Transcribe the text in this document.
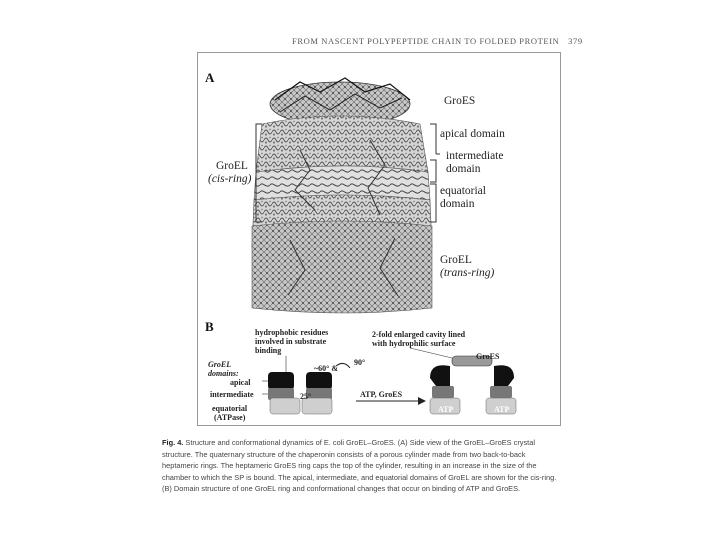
FROM NASCENT POLYPEPTIDE CHAIN TO FOLDED PROTEIN 379
A
GroES
apical domain
intermediate
domain
equatorial
domain
GroEL
(cis-ring)
GroEL
(trans-ring)
B	hydrophobic residues
involved in substrate
binding
2-fold enlarged cavity lined
with hydrophilic surface
GroES
GroEL
domains:
apical
intermediate
equatorial
(ATPase)
~60° &
90°
25°	ATP, GroES
ATP	ATP
Fig. 4. Structure and conformational dynamics of E. coli GroEL–GroES. (A) Side view of the GroEL–GroES crystal structure. The quaternary structure of the chaperonin consists of a porous cylinder made from two back-to-back heptameric rings. The heptameric GroES ring caps the top of the cylinder, resulting in an increase in the size of the chamber to which the SP is bound. The apical, intermediate, and equatorial domains of GroEL are shown for the cis-ring. (B) Domain structure of one GroEL ring and conformational changes that occur on binding of ATP and GroES.
